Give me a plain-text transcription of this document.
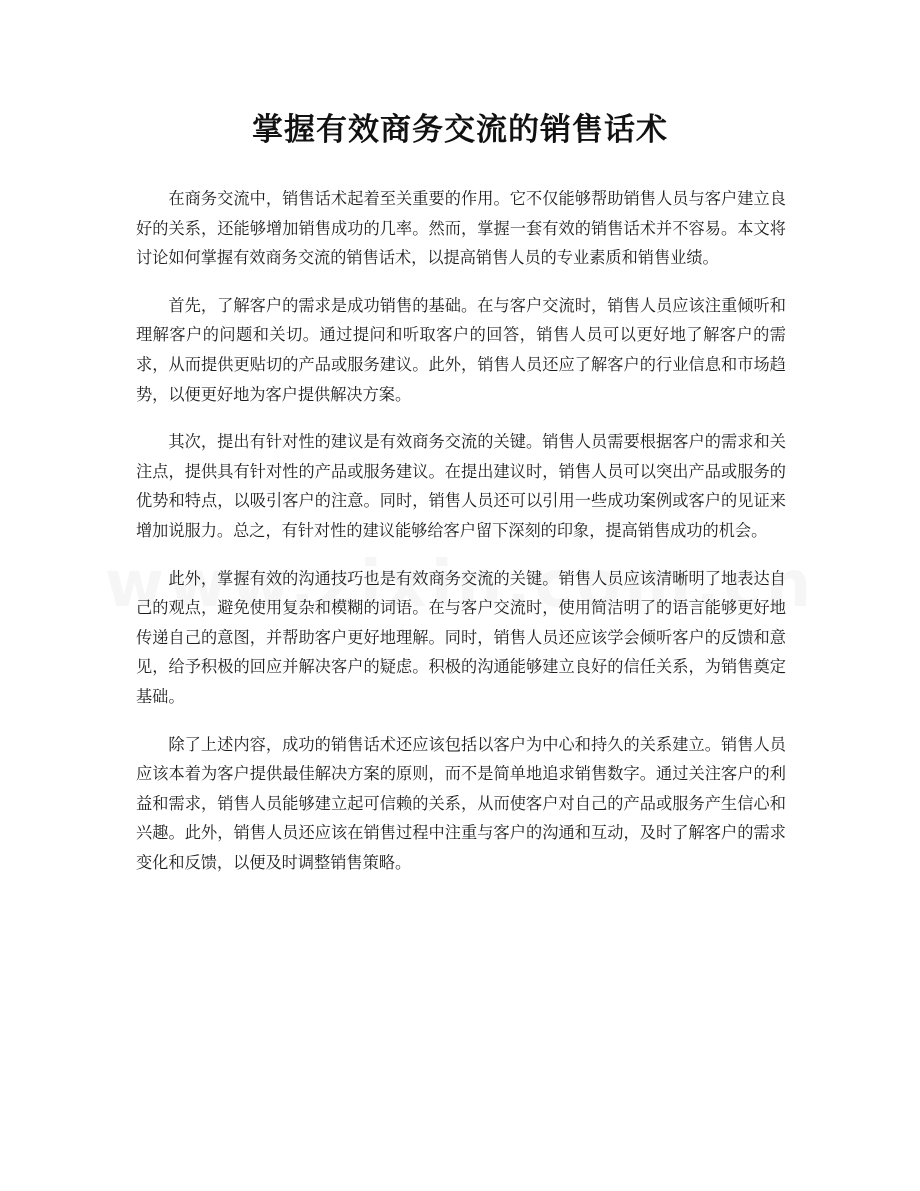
掌握有效商务交流的销售话术

在商务交流中，销售话术起着至关重要的作用。它不仅能够帮助销售人员与客户建立良好的关系，还能够增加销售成功的几率。然而，掌握一套有效的销售话术并不容易。本文将讨论如何掌握有效商务交流的销售话术，以提高销售人员的专业素质和销售业绩。

首先，了解客户的需求是成功销售的基础。在与客户交流时，销售人员应该注重倾听和理解客户的问题和关切。通过提问和听取客户的回答，销售人员可以更好地了解客户的需求，从而提供更贴切的产品或服务建议。此外，销售人员还应了解客户的行业信息和市场趋势，以便更好地为客户提供解决方案。

其次，提出有针对性的建议是有效商务交流的关键。销售人员需要根据客户的需求和关注点，提供具有针对性的产品或服务建议。在提出建议时，销售人员可以突出产品或服务的优势和特点，以吸引客户的注意。同时，销售人员还可以引用一些成功案例或客户的见证来增加说服力。总之，有针对性的建议能够给客户留下深刻的印象，提高销售成功的机会。

此外，掌握有效的沟通技巧也是有效商务交流的关键。销售人员应该清晰明了地表达自己的观点，避免使用复杂和模糊的词语。在与客户交流时，使用简洁明了的语言能够更好地传递自己的意图，并帮助客户更好地理解。同时，销售人员还应该学会倾听客户的反馈和意见，给予积极的回应并解决客户的疑虑。积极的沟通能够建立良好的信任关系，为销售奠定基础。

除了上述内容，成功的销售话术还应该包括以客户为中心和持久的关系建立。销售人员应该本着为客户提供最佳解决方案的原则，而不是简单地追求销售数字。通过关注客户的利益和需求，销售人员能够建立起可信赖的关系，从而使客户对自己的产品或服务产生信心和兴趣。此外，销售人员还应该在销售过程中注重与客户的沟通和互动，及时了解客户的需求变化和反馈，以便及时调整销售策略。
